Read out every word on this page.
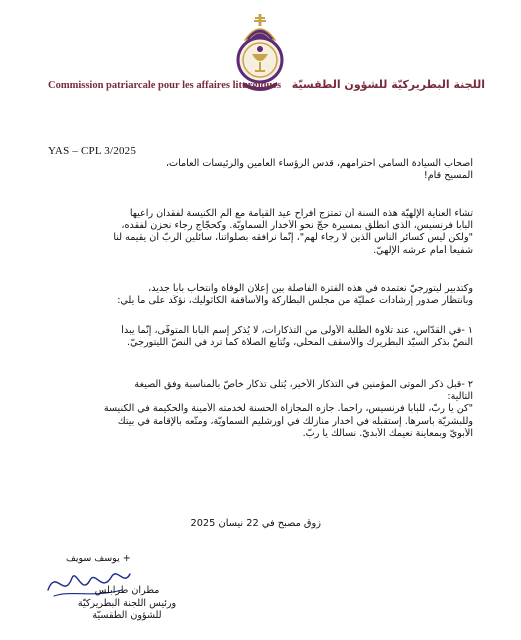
Commission patriarcale pour les affaires liturgiques اللجنة البطريركيّة للشؤون الطقسيّة
YAS – CPL 3/2025
أصحاب السيادة السامي احترامهم، قدس الرؤساء العامين والرئيسات العامات،
المسيح قام!
تشاء العناية الإلهيّة هذه السنة أن تمتزج أفراح عيد القيامة مع ألم الكنيسة لفقدان راعيها
البابا فرنسيس، الذي انطلق بمسيرة حجّ نحو الأخدار السماويّة. وكحجّاج رجاء نحزن لفقده،
"ولكن ليس كسائر الناس الذين لا رجاء لهم"، إنّما نرافقه بصلواتنا، سائلين الربّ أن يقيمه لنا
شفيعاً أمام عرشه الإلهيّ.
وكتدبير ليتورجيّ نعتمده في هذه الفترة الفاصلة بين إعلان الوفاة وانتخاب بابا جديد،
وبانتظار صدور إرشادات عمليّة من مجلس البطاركة والأساقفة الكاثوليك، نؤكّد على ما يلي:
١ -في القدّاس، عند تلاوة الطلبة الأولى من التذكارات، لا يُذكر إسم البابا المتوفّى، إنّما يبدأ
النصّ بذكر السيّد البطريرك والأسقف المحلّي، وتُتابع الصلاة كما ترد في النصّ الليتورجيّ.
٢ -قبل ذكر الموتى المؤمنين في التذكار الأخير، يُتلى تذكار خاصّ بالمناسبة وفق الصيغة
التالية:
"كن يا ربّ، للبابا فرنسيس، راحماً. جازه المجازاة الحسنة لخدمته الأمينة والحكيمة في الكنيسة
وللبشريّة بأسرها. إستقبله في أخدار منازلك في أورشليم السماويّة، ومتّعه بالإقامة في بيتك
الأبويّ وبمعاينة نعيمك الأبديّ. نسألك يا ربّ.
زوق مصبح في 22 نيسان 2025
+ يوسف سويف
مطران طرابلس
ورئيس اللجنة البطريركيّة
للشؤون الطقسيّة
